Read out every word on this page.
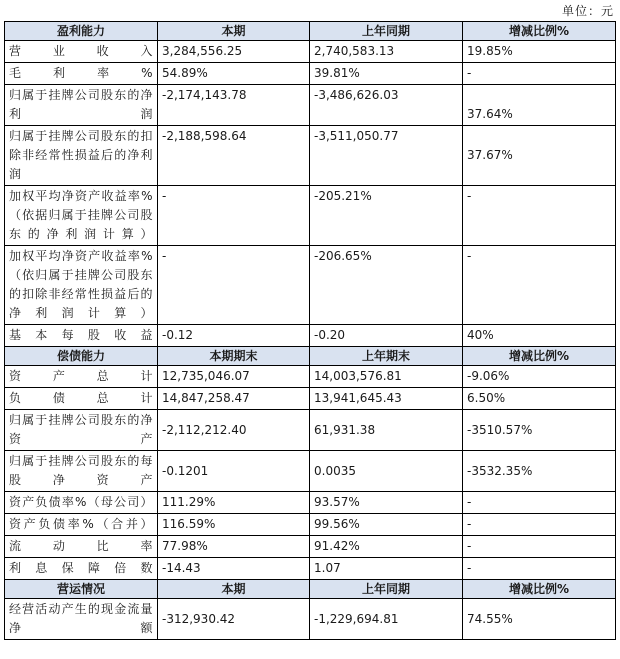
单位：元
盈利能力	本期	上年同期	增减比例%
营业收入	3,284,556.25	2,740,583.13	19.85%
毛利率%	54.89%	39.81%	-
归属于挂牌公司股东的净利润	-2,174,143.78	-3,486,626.03	37.64%
归属于挂牌公司股东的扣除非经常性损益后的净利润	-2,188,598.64	-3,511,050.77	37.67%
加权平均净资产收益率%（依据归属于挂牌公司股东的净利润计算）	-	-205.21%	-
加权平均净资产收益率%（依归属于挂牌公司股东的扣除非经常性损益后的净利润计算）	-	-206.65%	-
基本每股收益	-0.12	-0.20	40%
偿债能力	本期期末	上年期末	增减比例%
资产总计	12,735,046.07	14,003,576.81	-9.06%
负债总计	14,847,258.47	13,941,645.43	6.50%
归属于挂牌公司股东的净资产	-2,112,212.40	61,931.38	-3510.57%
归属于挂牌公司股东的每股净资产	-0.1201	0.0035	-3532.35%
资产负债率%（母公司）	111.29%	93.57%	-
资产负债率%（合并）	116.59%	99.56%	-
流动比率	77.98%	91.42%	-
利息保障倍数	-14.43	1.07	-
营运情况	本期	上年同期	增减比例%
经营活动产生的现金流量净额	-312,930.42	-1,229,694.81	74.55%
